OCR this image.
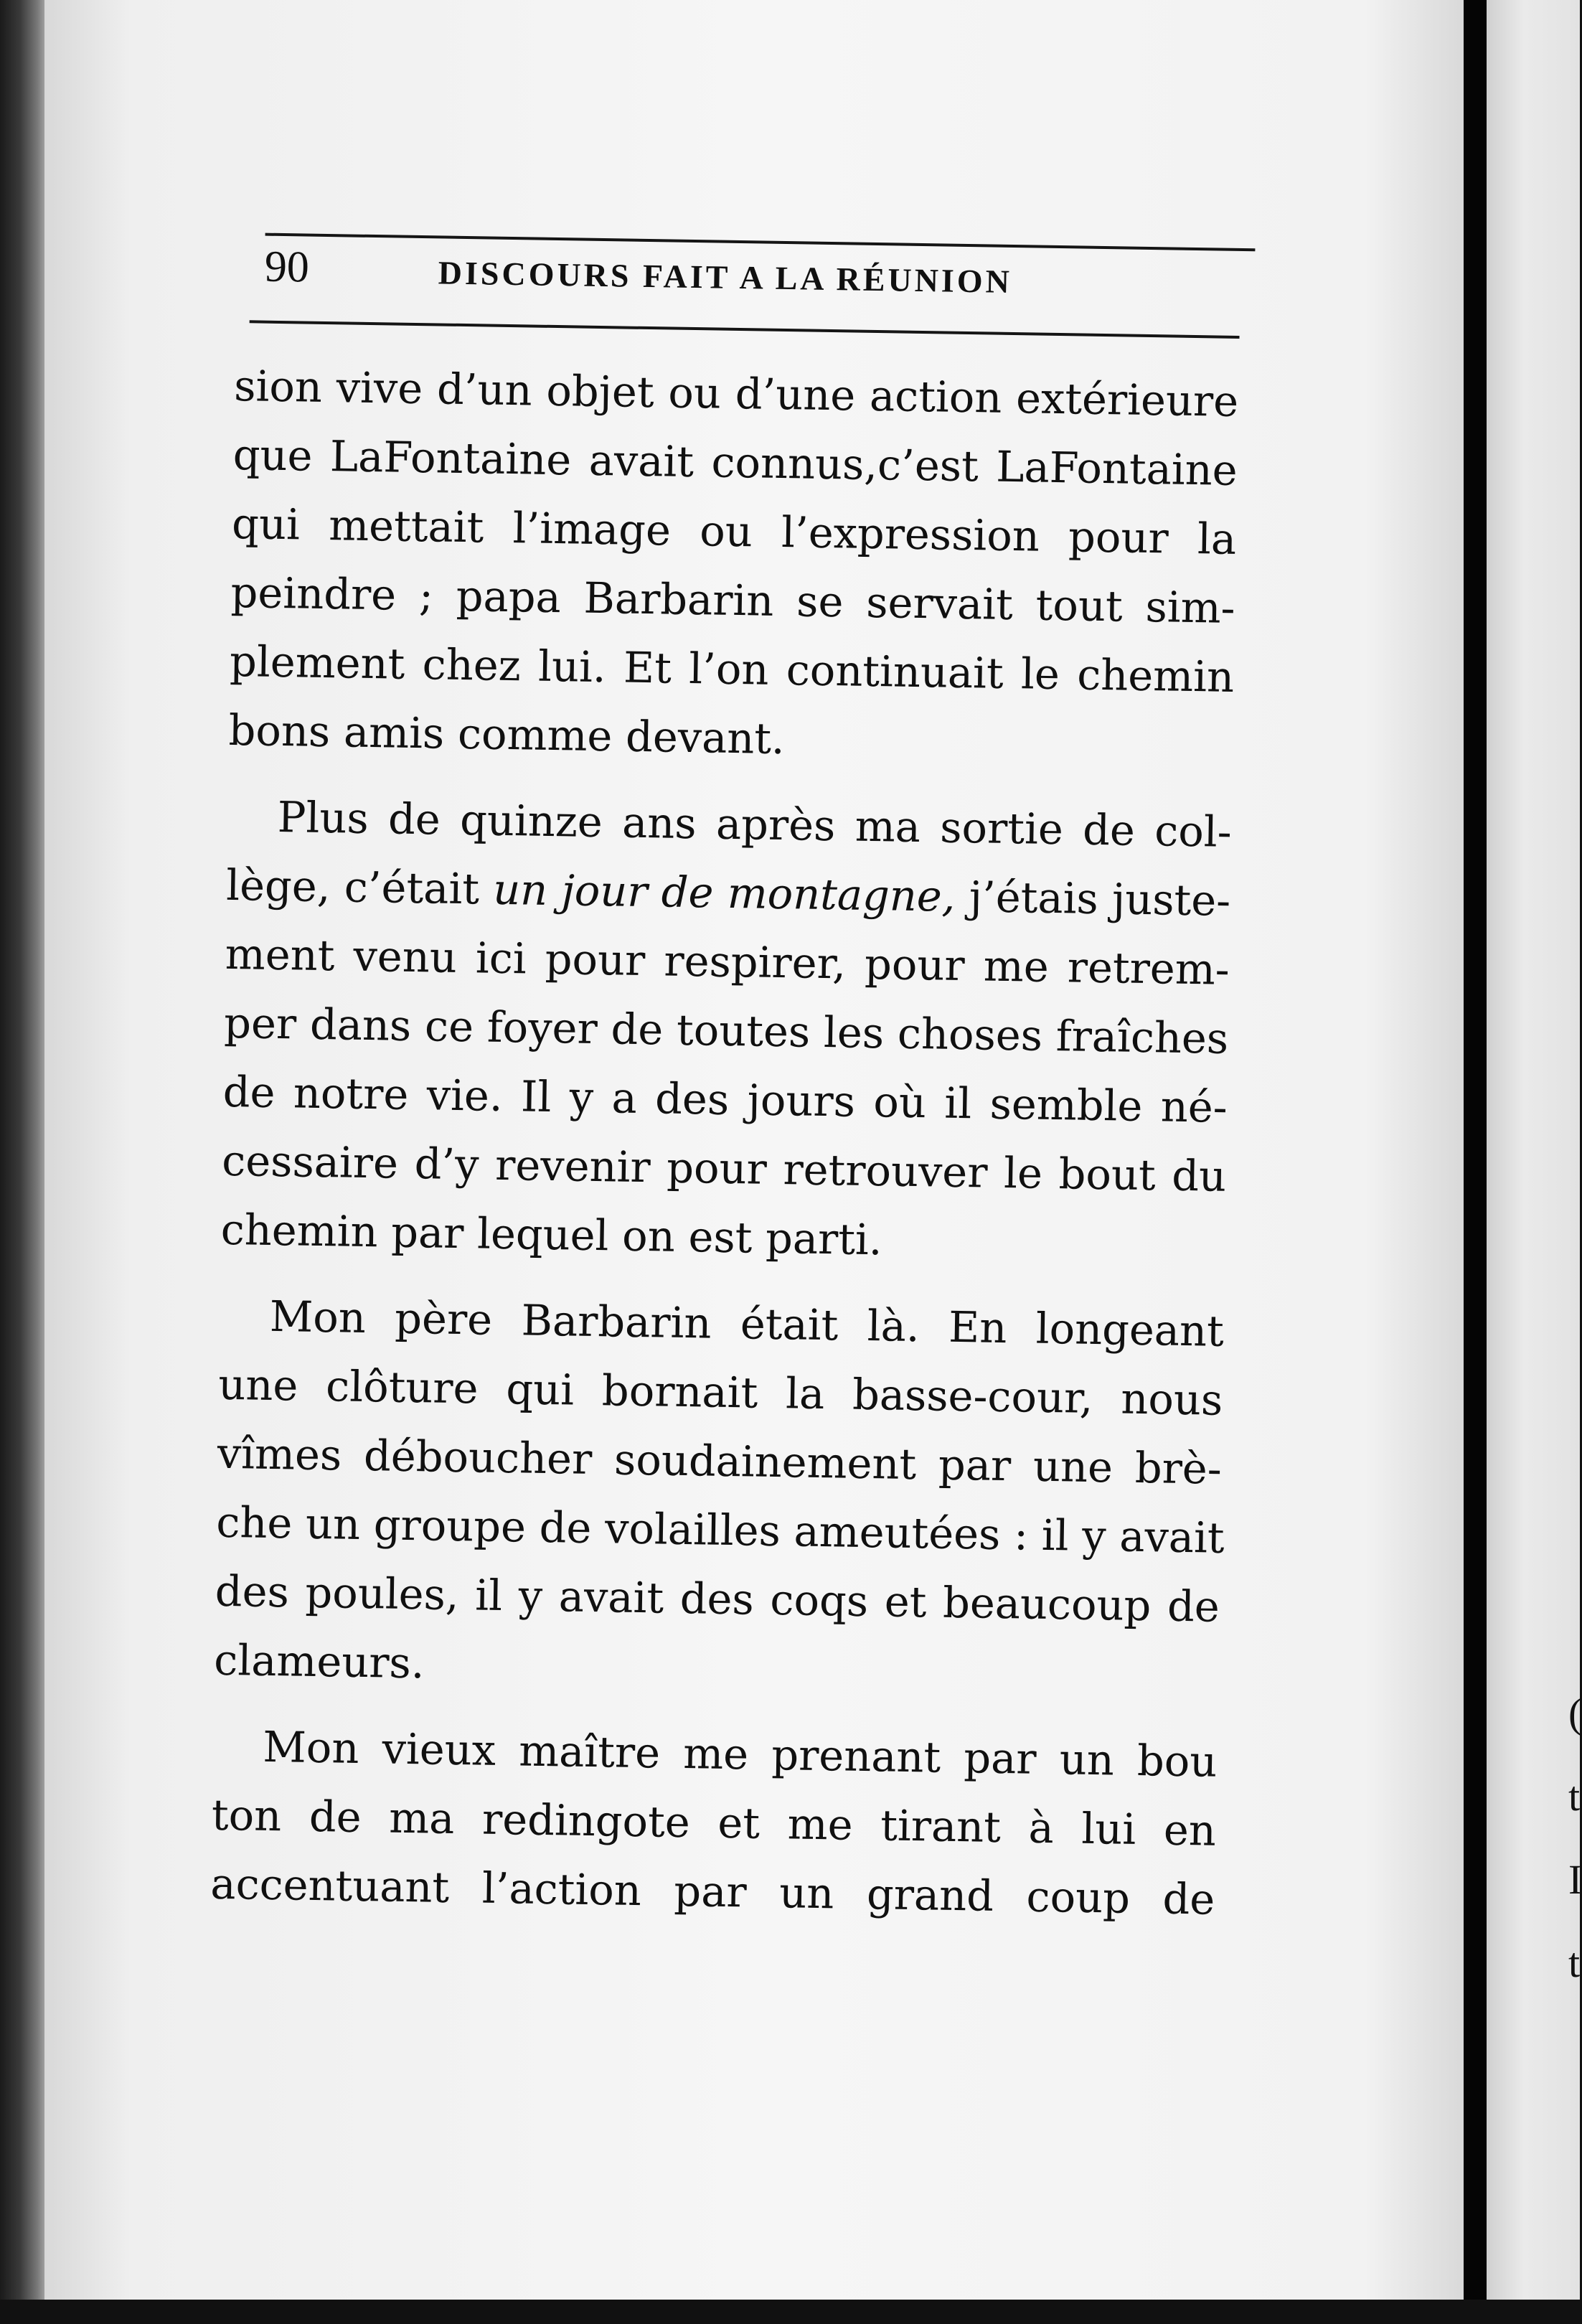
(
t
I
t
90	DISCOURS FAIT A LA RÉUNION

sion vive d’un objet ou d’une action extérieure
que LaFontaine avait connus,c’est LaFontaine
qui mettait l’image ou l’expression pour la
peindre ; papa Barbarin se servait tout sim-
plement chez lui. Et l’on continuait le chemin
bons amis comme devant.

Plus de quinze ans après ma sortie de col-
lège, c’était un jour de montagne, j’étais juste-
ment venu ici pour respirer, pour me retrem-
per dans ce foyer de toutes les choses fraîches
de notre vie. Il y a des jours où il semble né-
cessaire d’y revenir pour retrouver le bout du
chemin par lequel on est parti.

Mon père Barbarin était là. En longeant
une clôture qui bornait la basse-cour, nous
vîmes déboucher soudainement par une brè-
che un groupe de volailles ameutées : il y avait
des poules, il y avait des coqs et beaucoup de
clameurs.

Mon vieux maître me prenant par un bou
ton de ma redingote et me tirant à lui en
accentuant l’action par un grand coup de
